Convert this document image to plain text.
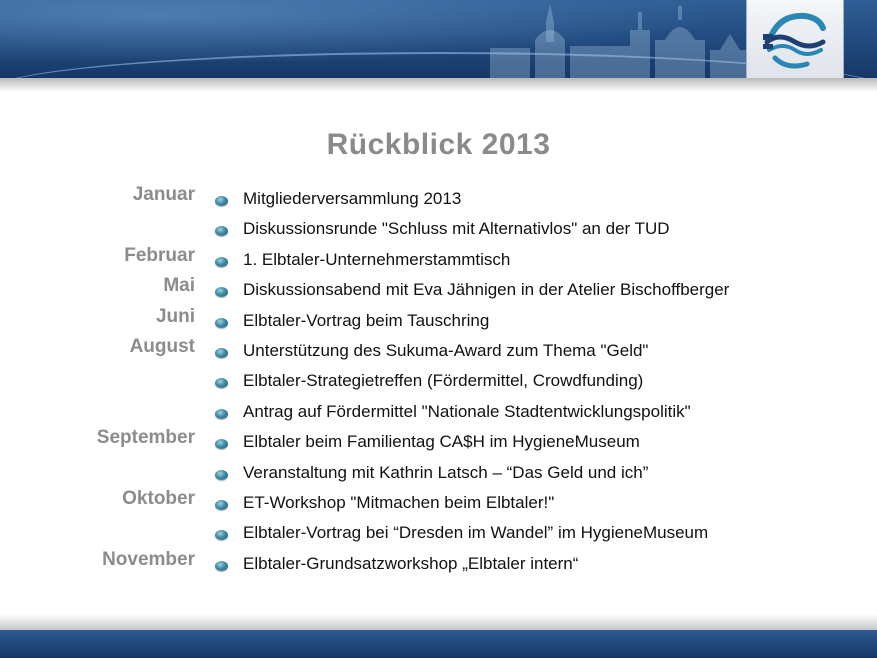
Rückblick 2013
Januar	Mitgliederversammlung 2013
Diskussionsrunde "Schluss mit Alternativlos" an der TUD
Februar	1. Elbtaler-Unternehmerstammtisch
Mai	Diskussionsabend mit Eva Jähnigen in der Atelier Bischoffberger
Juni	Elbtaler-Vortrag beim Tauschring
August	Unterstützung des Sukuma-Award zum Thema "Geld"
Elbtaler-Strategietreffen (Fördermittel, Crowdfunding)
Antrag auf Fördermittel "Nationale Stadtentwicklungspolitik"
September	Elbtaler beim Familientag CA$H im HygieneMuseum
Veranstaltung mit Kathrin Latsch – “Das Geld und ich”
Oktober	ET-Workshop "Mitmachen beim Elbtaler!"
Elbtaler-Vortrag bei “Dresden im Wandel” im HygieneMuseum
November	Elbtaler-Grundsatzworkshop „Elbtaler intern“
